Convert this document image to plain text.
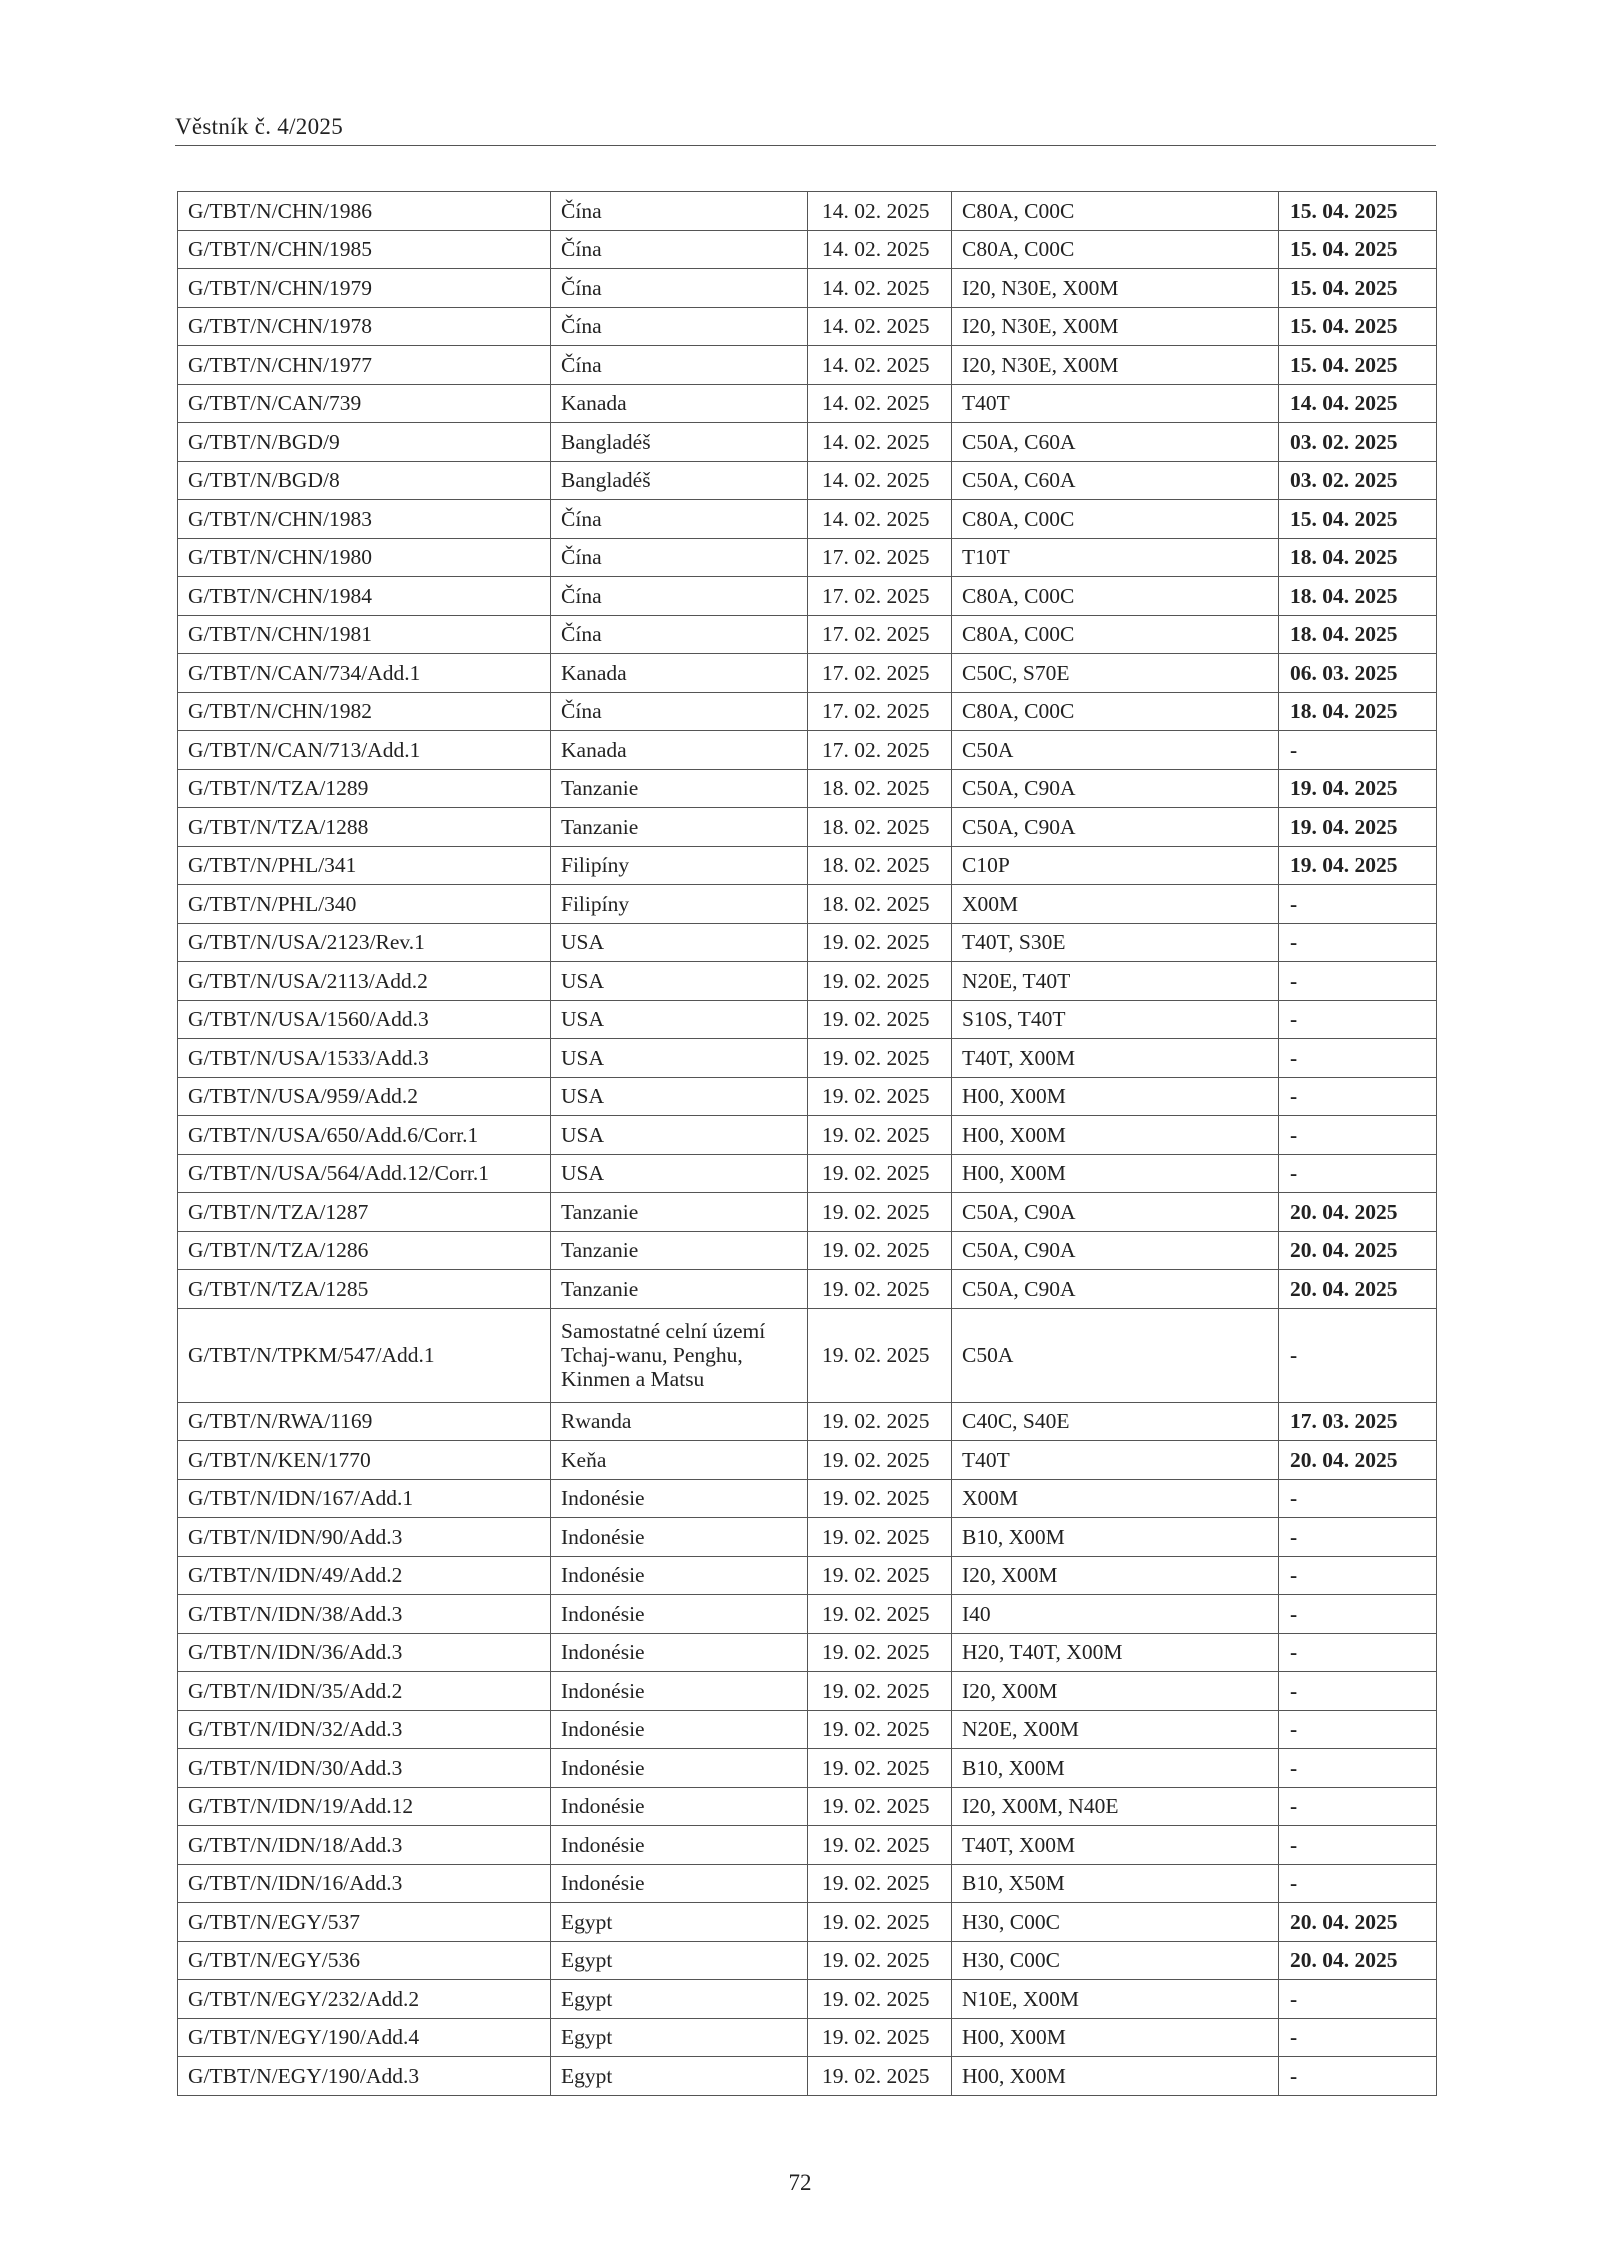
Věstník č. 4/2025
G/TBT/N/CHN/1986	Čína	14. 02. 2025	C80A, C00C	15. 04. 2025
G/TBT/N/CHN/1985	Čína	14. 02. 2025	C80A, C00C	15. 04. 2025
G/TBT/N/CHN/1979	Čína	14. 02. 2025	I20, N30E, X00M	15. 04. 2025
G/TBT/N/CHN/1978	Čína	14. 02. 2025	I20, N30E, X00M	15. 04. 2025
G/TBT/N/CHN/1977	Čína	14. 02. 2025	I20, N30E, X00M	15. 04. 2025
G/TBT/N/CAN/739	Kanada	14. 02. 2025	T40T	14. 04. 2025
G/TBT/N/BGD/9	Bangladéš	14. 02. 2025	C50A, C60A	03. 02. 2025
G/TBT/N/BGD/8	Bangladéš	14. 02. 2025	C50A, C60A	03. 02. 2025
G/TBT/N/CHN/1983	Čína	14. 02. 2025	C80A, C00C	15. 04. 2025
G/TBT/N/CHN/1980	Čína	17. 02. 2025	T10T	18. 04. 2025
G/TBT/N/CHN/1984	Čína	17. 02. 2025	C80A, C00C	18. 04. 2025
G/TBT/N/CHN/1981	Čína	17. 02. 2025	C80A, C00C	18. 04. 2025
G/TBT/N/CAN/734/Add.1	Kanada	17. 02. 2025	C50C, S70E	06. 03. 2025
G/TBT/N/CHN/1982	Čína	17. 02. 2025	C80A, C00C	18. 04. 2025
G/TBT/N/CAN/713/Add.1	Kanada	17. 02. 2025	C50A	-
G/TBT/N/TZA/1289	Tanzanie	18. 02. 2025	C50A, C90A	19. 04. 2025
G/TBT/N/TZA/1288	Tanzanie	18. 02. 2025	C50A, C90A	19. 04. 2025
G/TBT/N/PHL/341	Filipíny	18. 02. 2025	C10P	19. 04. 2025
G/TBT/N/PHL/340	Filipíny	18. 02. 2025	X00M	-
G/TBT/N/USA/2123/Rev.1	USA	19. 02. 2025	T40T, S30E	-
G/TBT/N/USA/2113/Add.2	USA	19. 02. 2025	N20E, T40T	-
G/TBT/N/USA/1560/Add.3	USA	19. 02. 2025	S10S, T40T	-
G/TBT/N/USA/1533/Add.3	USA	19. 02. 2025	T40T, X00M	-
G/TBT/N/USA/959/Add.2	USA	19. 02. 2025	H00, X00M	-
G/TBT/N/USA/650/Add.6/Corr.1	USA	19. 02. 2025	H00, X00M	-
G/TBT/N/USA/564/Add.12/Corr.1	USA	19. 02. 2025	H00, X00M	-
G/TBT/N/TZA/1287	Tanzanie	19. 02. 2025	C50A, C90A	20. 04. 2025
G/TBT/N/TZA/1286	Tanzanie	19. 02. 2025	C50A, C90A	20. 04. 2025
G/TBT/N/TZA/1285	Tanzanie	19. 02. 2025	C50A, C90A	20. 04. 2025
G/TBT/N/TPKM/547/Add.1	Samostatné celní území Tchaj-wanu, Penghu, Kinmen a Matsu	19. 02. 2025	C50A	-
G/TBT/N/RWA/1169	Rwanda	19. 02. 2025	C40C, S40E	17. 03. 2025
G/TBT/N/KEN/1770	Keňa	19. 02. 2025	T40T	20. 04. 2025
G/TBT/N/IDN/167/Add.1	Indonésie	19. 02. 2025	X00M	-
G/TBT/N/IDN/90/Add.3	Indonésie	19. 02. 2025	B10, X00M	-
G/TBT/N/IDN/49/Add.2	Indonésie	19. 02. 2025	I20, X00M	-
G/TBT/N/IDN/38/Add.3	Indonésie	19. 02. 2025	I40	-
G/TBT/N/IDN/36/Add.3	Indonésie	19. 02. 2025	H20, T40T, X00M	-
G/TBT/N/IDN/35/Add.2	Indonésie	19. 02. 2025	I20, X00M	-
G/TBT/N/IDN/32/Add.3	Indonésie	19. 02. 2025	N20E, X00M	-
G/TBT/N/IDN/30/Add.3	Indonésie	19. 02. 2025	B10, X00M	-
G/TBT/N/IDN/19/Add.12	Indonésie	19. 02. 2025	I20, X00M, N40E	-
G/TBT/N/IDN/18/Add.3	Indonésie	19. 02. 2025	T40T, X00M	-
G/TBT/N/IDN/16/Add.3	Indonésie	19. 02. 2025	B10, X50M	-
G/TBT/N/EGY/537	Egypt	19. 02. 2025	H30, C00C	20. 04. 2025
G/TBT/N/EGY/536	Egypt	19. 02. 2025	H30, C00C	20. 04. 2025
G/TBT/N/EGY/232/Add.2	Egypt	19. 02. 2025	N10E, X00M	-
G/TBT/N/EGY/190/Add.4	Egypt	19. 02. 2025	H00, X00M	-
G/TBT/N/EGY/190/Add.3	Egypt	19. 02. 2025	H00, X00M	-
72
